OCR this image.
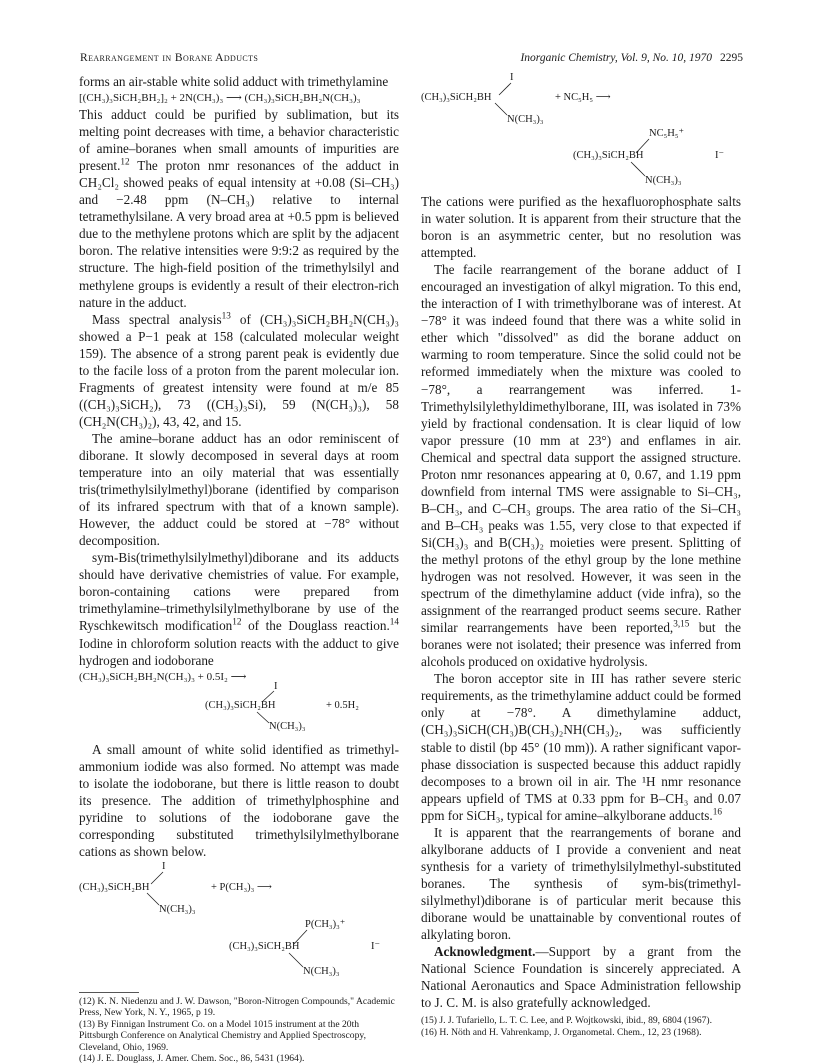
Rearrangement in Borane Adducts	Inorganic Chemistry, Vol. 9, No. 10, 1970 2295

forms an air-stable white solid adduct with trimethylamine

[(CH₃)₃SiCH₂BH₂]₂ + 2N(CH₃)₃ ⟶ (CH₃)₃SiCH₂BH₂N(CH₃)₃

This adduct could be purified by sublimation, but its melting point decreases with time, a behavior characteristic of amine–boranes when small amounts of impurities are present.$^{12}$ The proton nmr resonances of the adduct in CH₂Cl₂ showed peaks of equal intensity at +0.08 (Si–CH₃) and −2.48 ppm (N–CH₃) relative to internal tetramethylsilane. A very broad area at +0.5 ppm is believed due to the methylene protons which are split by the adjacent boron. The relative intensities were 9:9:2 as required by the structure. The high-field position of the trimethylsilyl and methylene groups is evidently a result of their electron-rich nature in the adduct.

Mass spectral analysis$^{13}$ of (CH₃)₃SiCH₂BH₂N(CH₃)₃ showed a P−1 peak at 158 (calculated molecular weight 159). The absence of a strong parent peak is evidently due to the facile loss of a proton from the parent molecular ion. Fragments of greatest intensity were found at m/e 85 ((CH₃)₃SiCH₂), 73 ((CH₃)₃Si), 59 (N(CH₃)₃), 58 (CH₂N(CH₃)₂), 43, 42, and 15.

The amine–borane adduct has an odor reminiscent of diborane. It slowly decomposed in several days at room temperature into an oily material that was essentially tris(trimethylsilylmethyl)borane (identified by comparison of its infrared spectrum with that of a known sample). However, the adduct could be stored at −78° without decomposition.

sym-Bis(trimethylsilylmethyl)diborane and its adducts should have derivative chemistries of value. For example, boron-containing cations were prepared from trimethylamine–trimethylsilylmethylborane by use of the Ryschkewitsch modification$^{12}$ of the Douglass reaction.$^{14}$ Iodine in chloroform solution reacts with the adduct to give hydrogen and iodoborane

(CH₃)₃SiCH₂BH₂N(CH₃)₃ + 0.5I₂ ⟶
I
(CH₃)₃SiCH₂BH	+ 0.5H₂
N(CH₃)₃

A small amount of white solid identified as trimethylammonium iodide was also formed. No attempt was made to isolate the iodoborane, but there is little reason to doubt its presence. The addition of trimethylphosphine and pyridine to solutions of the iodoborane gave the corresponding substituted trimethylsilylmethylborane cations as shown below.

I
(CH₃)₃SiCH₂BH	+ P(CH₃)₃ ⟶
N(CH₃)₃
P(CH₃)₃⁺
(CH₃)₃SiCH₂BH	I⁻
N(CH₃)₃
(12) K. N. Niedenzu and J. W. Dawson, "Boron-Nitrogen Compounds," Academic Press, New York, N. Y., 1965, p 19.
(13) By Finnigan Instrument Co. on a Model 1015 instrument at the 20th Pittsburgh Conference on Analytical Chemistry and Applied Spectroscopy, Cleveland, Ohio, 1969.
(14) J. E. Douglass, J. Amer. Chem. Soc., 86, 5431 (1964).
I
(CH₃)₃SiCH₂BH	+ NC₅H₅ ⟶
N(CH₃)₃
NC₅H₅⁺
(CH₃)₃SiCH₂BH	I⁻
N(CH₃)₃

The cations were purified as the hexafluorophosphate salts in water solution. It is apparent from their structure that the boron is an asymmetric center, but no resolution was attempted.

The facile rearrangement of the borane adduct of I encouraged an investigation of alkyl migration. To this end, the interaction of I with trimethylborane was of interest. At −78° it was indeed found that there was a white solid in ether which "dissolved" as did the borane adduct on warming to room temperature. Since the solid could not be reformed immediately when the mixture was cooled to −78°, a rearrangement was inferred. 1-Trimethylsilylethyldimethylborane, III, was isolated in 73% yield by fractional condensation. It is clear liquid of low vapor pressure (10 mm at 23°) and enflames in air. Chemical and spectral data support the assigned structure. Proton nmr resonances appearing at 0, 0.67, and 1.19 ppm downfield from internal TMS were assignable to Si–CH₃, B–CH₃, and C–CH₃ groups. The area ratio of the Si–CH₃ and B–CH₃ peaks was 1.55, very close to that expected if Si(CH₃)₃ and B(CH₃)₂ moieties were present. Splitting of the methyl protons of the ethyl group by the lone methine hydrogen was not resolved. However, it was seen in the spectrum of the dimethylamine adduct (vide infra), so the assignment of the rearranged product seems secure. Rather similar rearrangements have been reported,$^{3,15}$ but the boranes were not isolated; their presence was inferred from alcohols produced on oxidative hydrolysis.

The boron acceptor site in III has rather severe steric requirements, as the trimethylamine adduct could be formed only at −78°. A dimethylamine adduct, (CH₃)₃SiCH(CH₃)B(CH₃)₂NH(CH₃)₂, was sufficiently stable to distil (bp 45° (10 mm)). A rather significant vapor-phase dissociation is suspected because this adduct rapidly decomposes to a brown oil in air. The ¹H nmr resonance appears upfield of TMS at 0.33 ppm for B–CH₃ and 0.07 ppm for SiCH₃, typical for amine–alkylborane adducts.$^{16}$

It is apparent that the rearrangements of borane and alkylborane adducts of I provide a convenient and neat synthesis for a variety of trimethylsilylmethyl-substituted boranes. The synthesis of sym-bis(trimethylsilylmethyl)diborane is of particular merit because this diborane would be unattainable by conventional routes of alkylating boron.

Acknowledgment.—Support by a grant from the National Science Foundation is sincerely appreciated. A National Aeronautics and Space Administration fellowship to J. C. M. is also gratefully acknowledged.

(15) J. J. Tufariello, L. T. C. Lee, and P. Wojtkowski, ibid., 89, 6804 (1967).
(16) H. Nöth and H. Vahrenkamp, J. Organometal. Chem., 12, 23 (1968).
